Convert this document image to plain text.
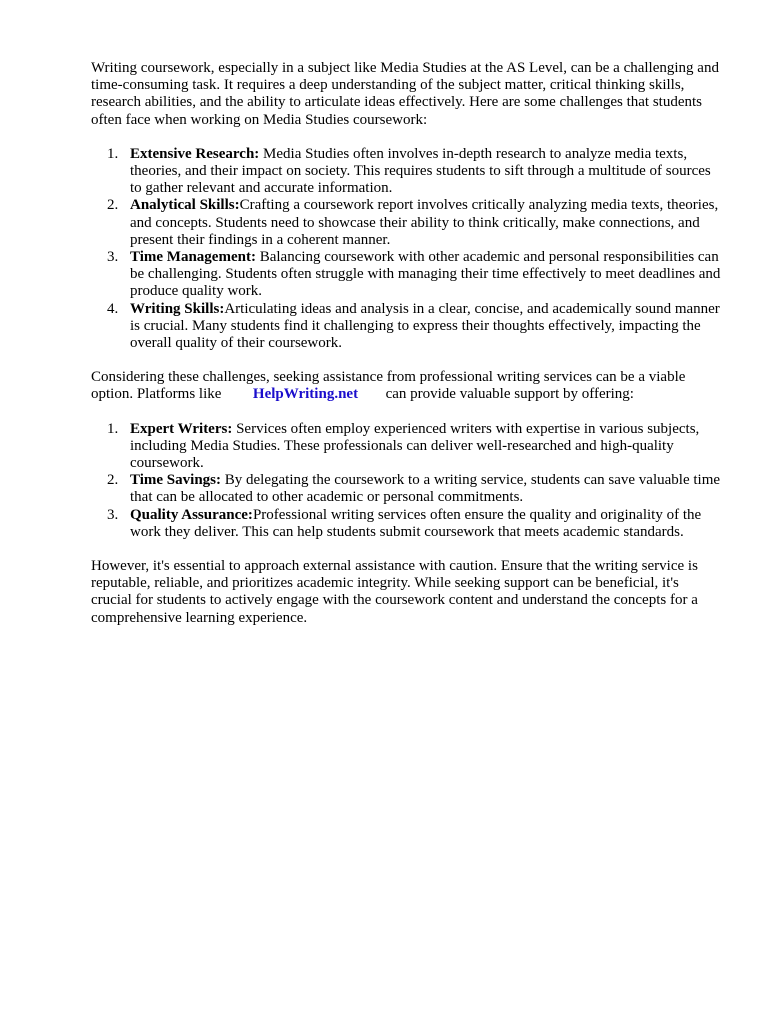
Writing coursework, especially in a subject like Media Studies at the AS Level, can be a challenging and time-consuming task. It requires a deep understanding of the subject matter, critical thinking skills, research abilities, and the ability to articulate ideas effectively. Here are some challenges that students often face when working on Media Studies coursework:

1. Extensive Research: Media Studies often involves in-depth research to analyze media texts, theories, and their impact on society. This requires students to sift through a multitude of sources to gather relevant and accurate information.
2. Analytical Skills:Crafting a coursework report involves critically analyzing media texts, theories, and concepts. Students need to showcase their ability to think critically, make connections, and present their findings in a coherent manner.
3. Time Management: Balancing coursework with other academic and personal responsibilities can be challenging. Students often struggle with managing their time effectively to meet deadlines and produce quality work.
4. Writing Skills:Articulating ideas and analysis in a clear, concise, and academically sound manner is crucial. Many students find it challenging to express their thoughts effectively, impacting the overall quality of their coursework.

Considering these challenges, seeking assistance from professional writing services can be a viable option. Platforms like HelpWriting.net can provide valuable support by offering:

1. Expert Writers: Services often employ experienced writers with expertise in various subjects, including Media Studies. These professionals can deliver well-researched and high-quality coursework.
2. Time Savings: By delegating the coursework to a writing service, students can save valuable time that can be allocated to other academic or personal commitments.
3. Quality Assurance:Professional writing services often ensure the quality and originality of the work they deliver. This can help students submit coursework that meets academic standards.

However, it's essential to approach external assistance with caution. Ensure that the writing service is reputable, reliable, and prioritizes academic integrity. While seeking support can be beneficial, it's crucial for students to actively engage with the coursework content and understand the concepts for a comprehensive learning experience.
